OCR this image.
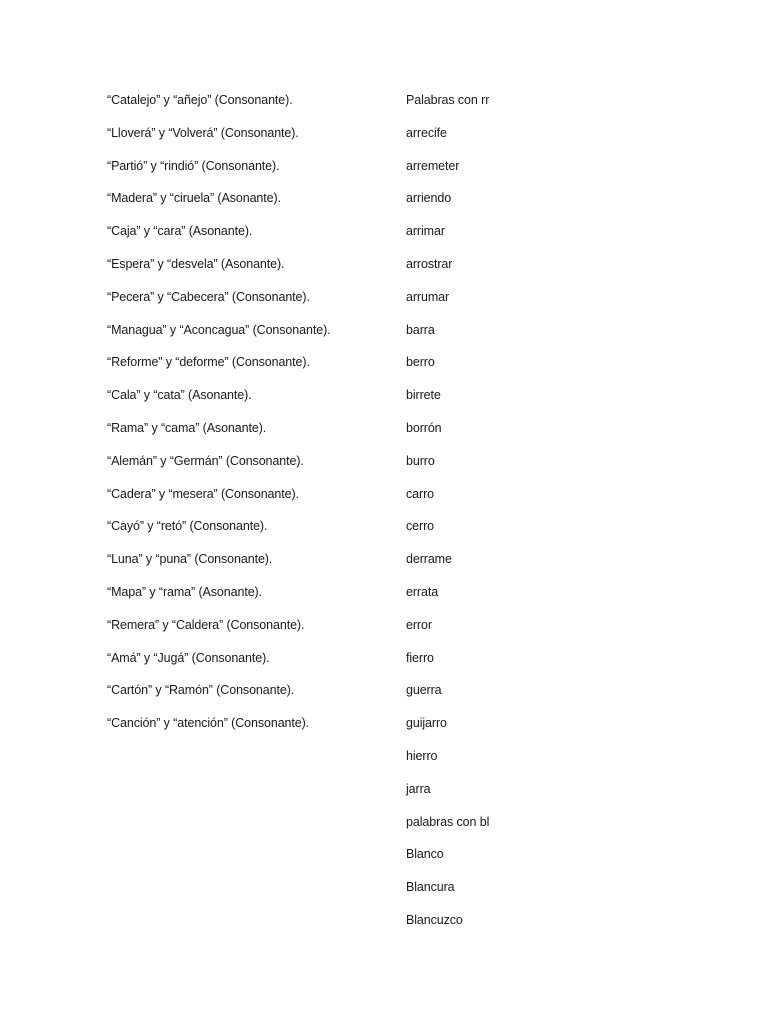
“Catalejo” y “añejo” (Consonante).
“Lloverá” y “Volverá” (Consonante).
“Partió” y “rindió” (Consonante).
“Madera” y “ciruela” (Asonante).
“Caja” y “cara” (Asonante).
“Espera” y “desvela” (Asonante).
“Pecera” y “Cabecera” (Consonante).
“Managua” y “Aconcagua” (Consonante).
“Reforme” y “deforme” (Consonante).
“Cala” y “cata” (Asonante).
“Rama” y “cama” (Asonante).
“Alemán” y “Germán” (Consonante).
“Cadera” y “mesera” (Consonante).
“Cayó” y “retó” (Consonante).
“Luna” y “puna” (Consonante).
“Mapa” y “rama” (Asonante).
“Remera” y “Caldera” (Consonante).
“Amá” y “Jugá” (Consonante).
“Cartón” y “Ramón” (Consonante).
“Canción” y “atención” (Consonante).
Palabras con rr
arrecife
arremeter
arriendo
arrimar
arrostrar
arrumar
barra
berro
birrete
borrón
burro
carro
cerro
derrame
errata
error
fierro
guerra
guijarro
hierro
jarra
palabras con bl
Blanco
Blancura
Blancuzco
